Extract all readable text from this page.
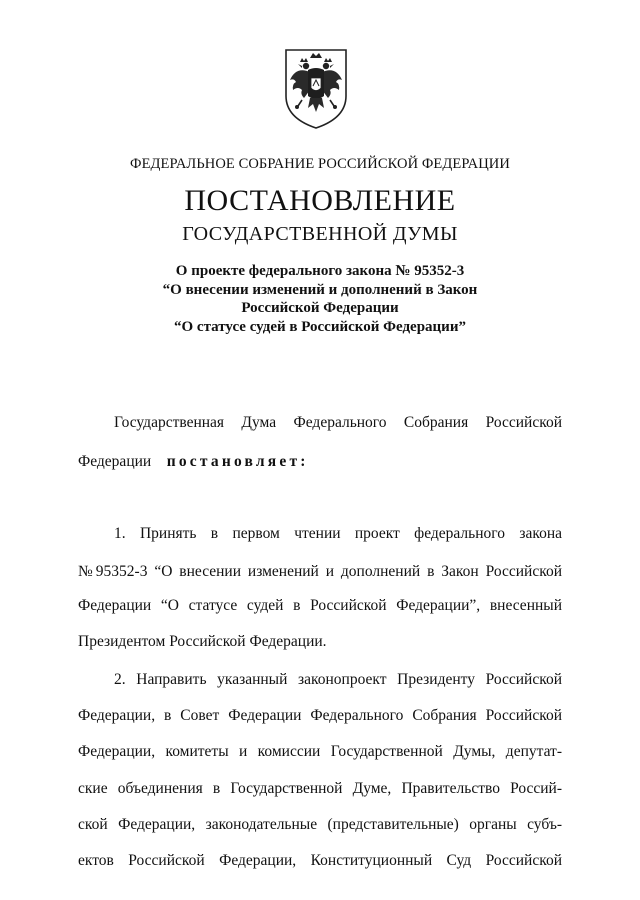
ФЕДЕРАЛЬНОЕ СОБРАНИЕ РОССИЙСКОЙ ФЕДЕРАЦИИ
ПОСТАНОВЛЕНИЕ
ГОСУДАРСТВЕННОЙ ДУМЫ
О проекте федерального закона № 95352-3
“О внесении изменений и дополнений в Закон
Российской Федерации
“О статусе судей в Российской Федерации”
Государственная Дума Федерального Собрания Российской
Федерации постановляет:
1. Принять в первом чтении проект федерального закона
№95352-3 “О внесении изменений и дополнений в Закон Российской
Федерации “О статусе судей в Российской Федерации”, внесенный
Президентом Российской Федерации.
2. Направить указанный законопроект Президенту Российской
Федерации, в Совет Федерации Федерального Собрания Российской
Федерации, комитеты и комиссии Государственной Думы, депутат-
ские объединения в Государственной Думе, Правительство Россий-
ской Федерации, законодательные (представительные) органы субъ-
ектов Российской Федерации, Конституционный Суд Российской
